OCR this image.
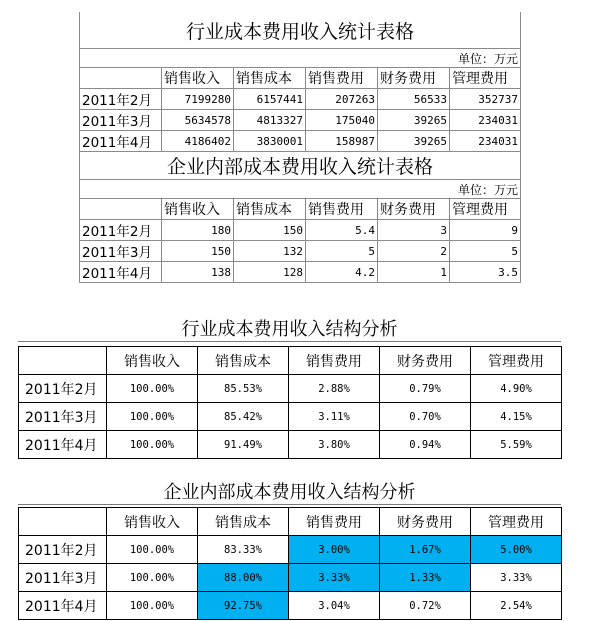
行业成本费用收入统计表格					
单位：万元					
	销售收入	销售成本	销售费用	财务费用	管理费用
2011年2月	7199280	6157441	207263	56533	352737
2011年3月	5634578	4813327	175040	39265	234031
2011年4月	4186402	3830001	158987	39265	234031
企业内部成本费用收入统计表格					
单位：万元					
	销售收入	销售成本	销售费用	财务费用	管理费用
2011年2月	180	150	5.4	3	9
2011年3月	150	132	5	2	5
2011年4月	138	128	4.2	1	3.5
行业成本费用收入结构分析
	销售收入	销售成本	销售费用	财务费用	管理费用
2011年2月	100.00%	85.53%	2.88%	0.79%	4.90%
2011年3月	100.00%	85.42%	3.11%	0.70%	4.15%
2011年4月	100.00%	91.49%	3.80%	0.94%	5.59%
企业内部成本费用收入结构分析
	销售收入	销售成本	销售费用	财务费用	管理费用
2011年2月	100.00%	83.33%	3.00%	1.67%	5.00%
2011年3月	100.00%	88.00%	3.33%	1.33%	3.33%
2011年4月	100.00%	92.75%	3.04%	0.72%	2.54%
